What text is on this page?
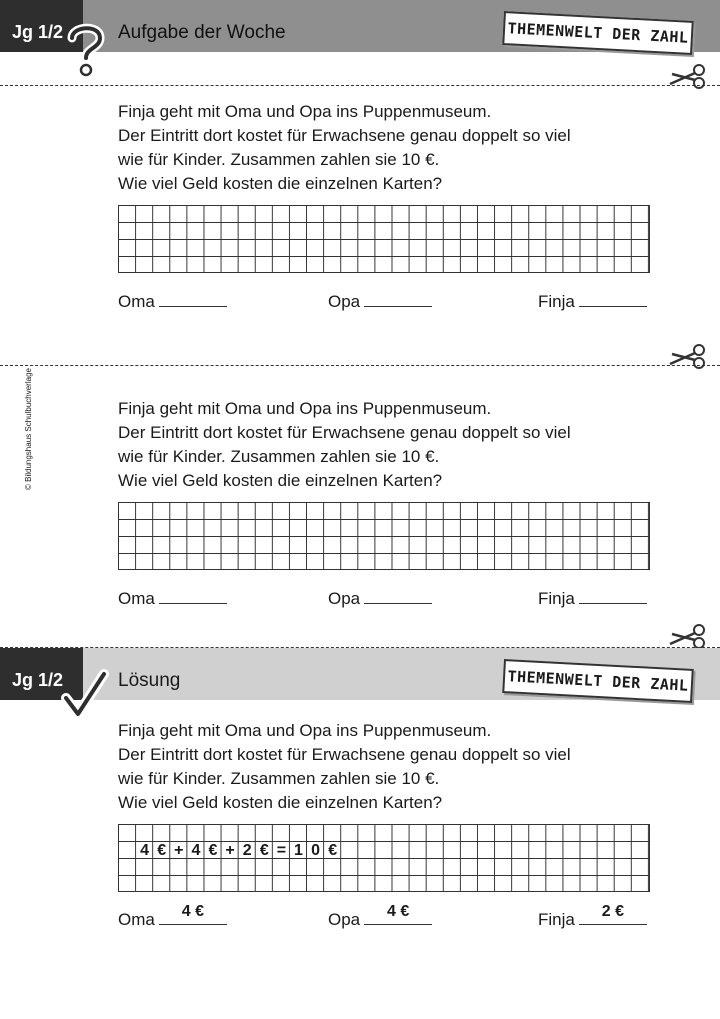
Jg 1/2	Aufgabe der Woche	THEMENWELT DER ZAHL
Finja geht mit Oma und Opa ins Puppenmuseum.
Der Eintritt dort kostet für Erwachsene genau doppelt so viel
wie für Kinder. Zusammen zahlen sie 10 €.
Wie viel Geld kosten die einzelnen Karten?
Oma	Opa	Finja
© Bildungshaus Schulbuchverlage	Finja geht mit Oma und Opa ins Puppenmuseum.
Der Eintritt dort kostet für Erwachsene genau doppelt so viel
wie für Kinder. Zusammen zahlen sie 10 €.
Wie viel Geld kosten die einzelnen Karten?
Oma	Opa	Finja
Jg 1/2	Lösung	THEMENWELT DER ZAHL
Finja geht mit Oma und Opa ins Puppenmuseum.
Der Eintritt dort kostet für Erwachsene genau doppelt so viel
wie für Kinder. Zusammen zahlen sie 10 €.
Wie viel Geld kosten die einzelnen Karten?
4 € + 4 € + 2 € = 1 0 €
Oma	4 €	Opa	4 €	Finja	2 €
